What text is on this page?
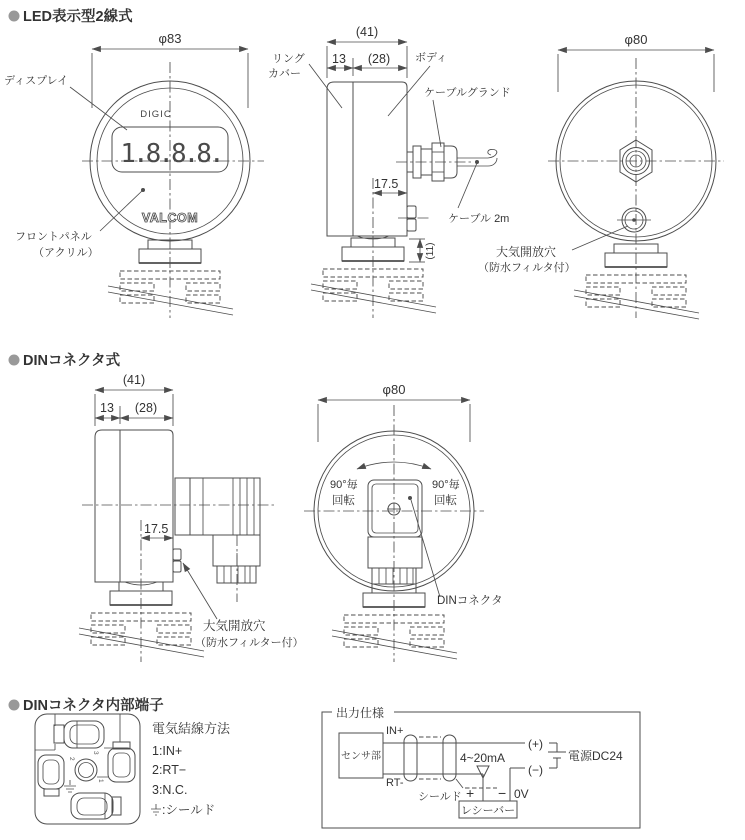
LED表示型2線式
φ83
DIGIC
1.8.8.8.
VALCOM
ディスプレイ
フロントパネル
（アクリル）
(41)
13 (28)
17.5
(11)
リング
カバー
ボディ
ケーブルグランド
ケーブル 2m
φ80
大気開放穴
（防水フィルタ付）
DINコネクタ式
(41)
13 (28)
17.5
大気開放穴
（防水フィルター付）
φ80
90°毎
回転
90°毎
回転
DINコネクタ
DINコネクタ内部端子
2
3
1
電気結線方法
1:IN+
2:RT−
3:N.C.
:シールド
出力仕様
センサ部
IN+
RT-
4~20mA
シールド
(+)
(−)
電源DC24
0V
レシーバー
+ −
